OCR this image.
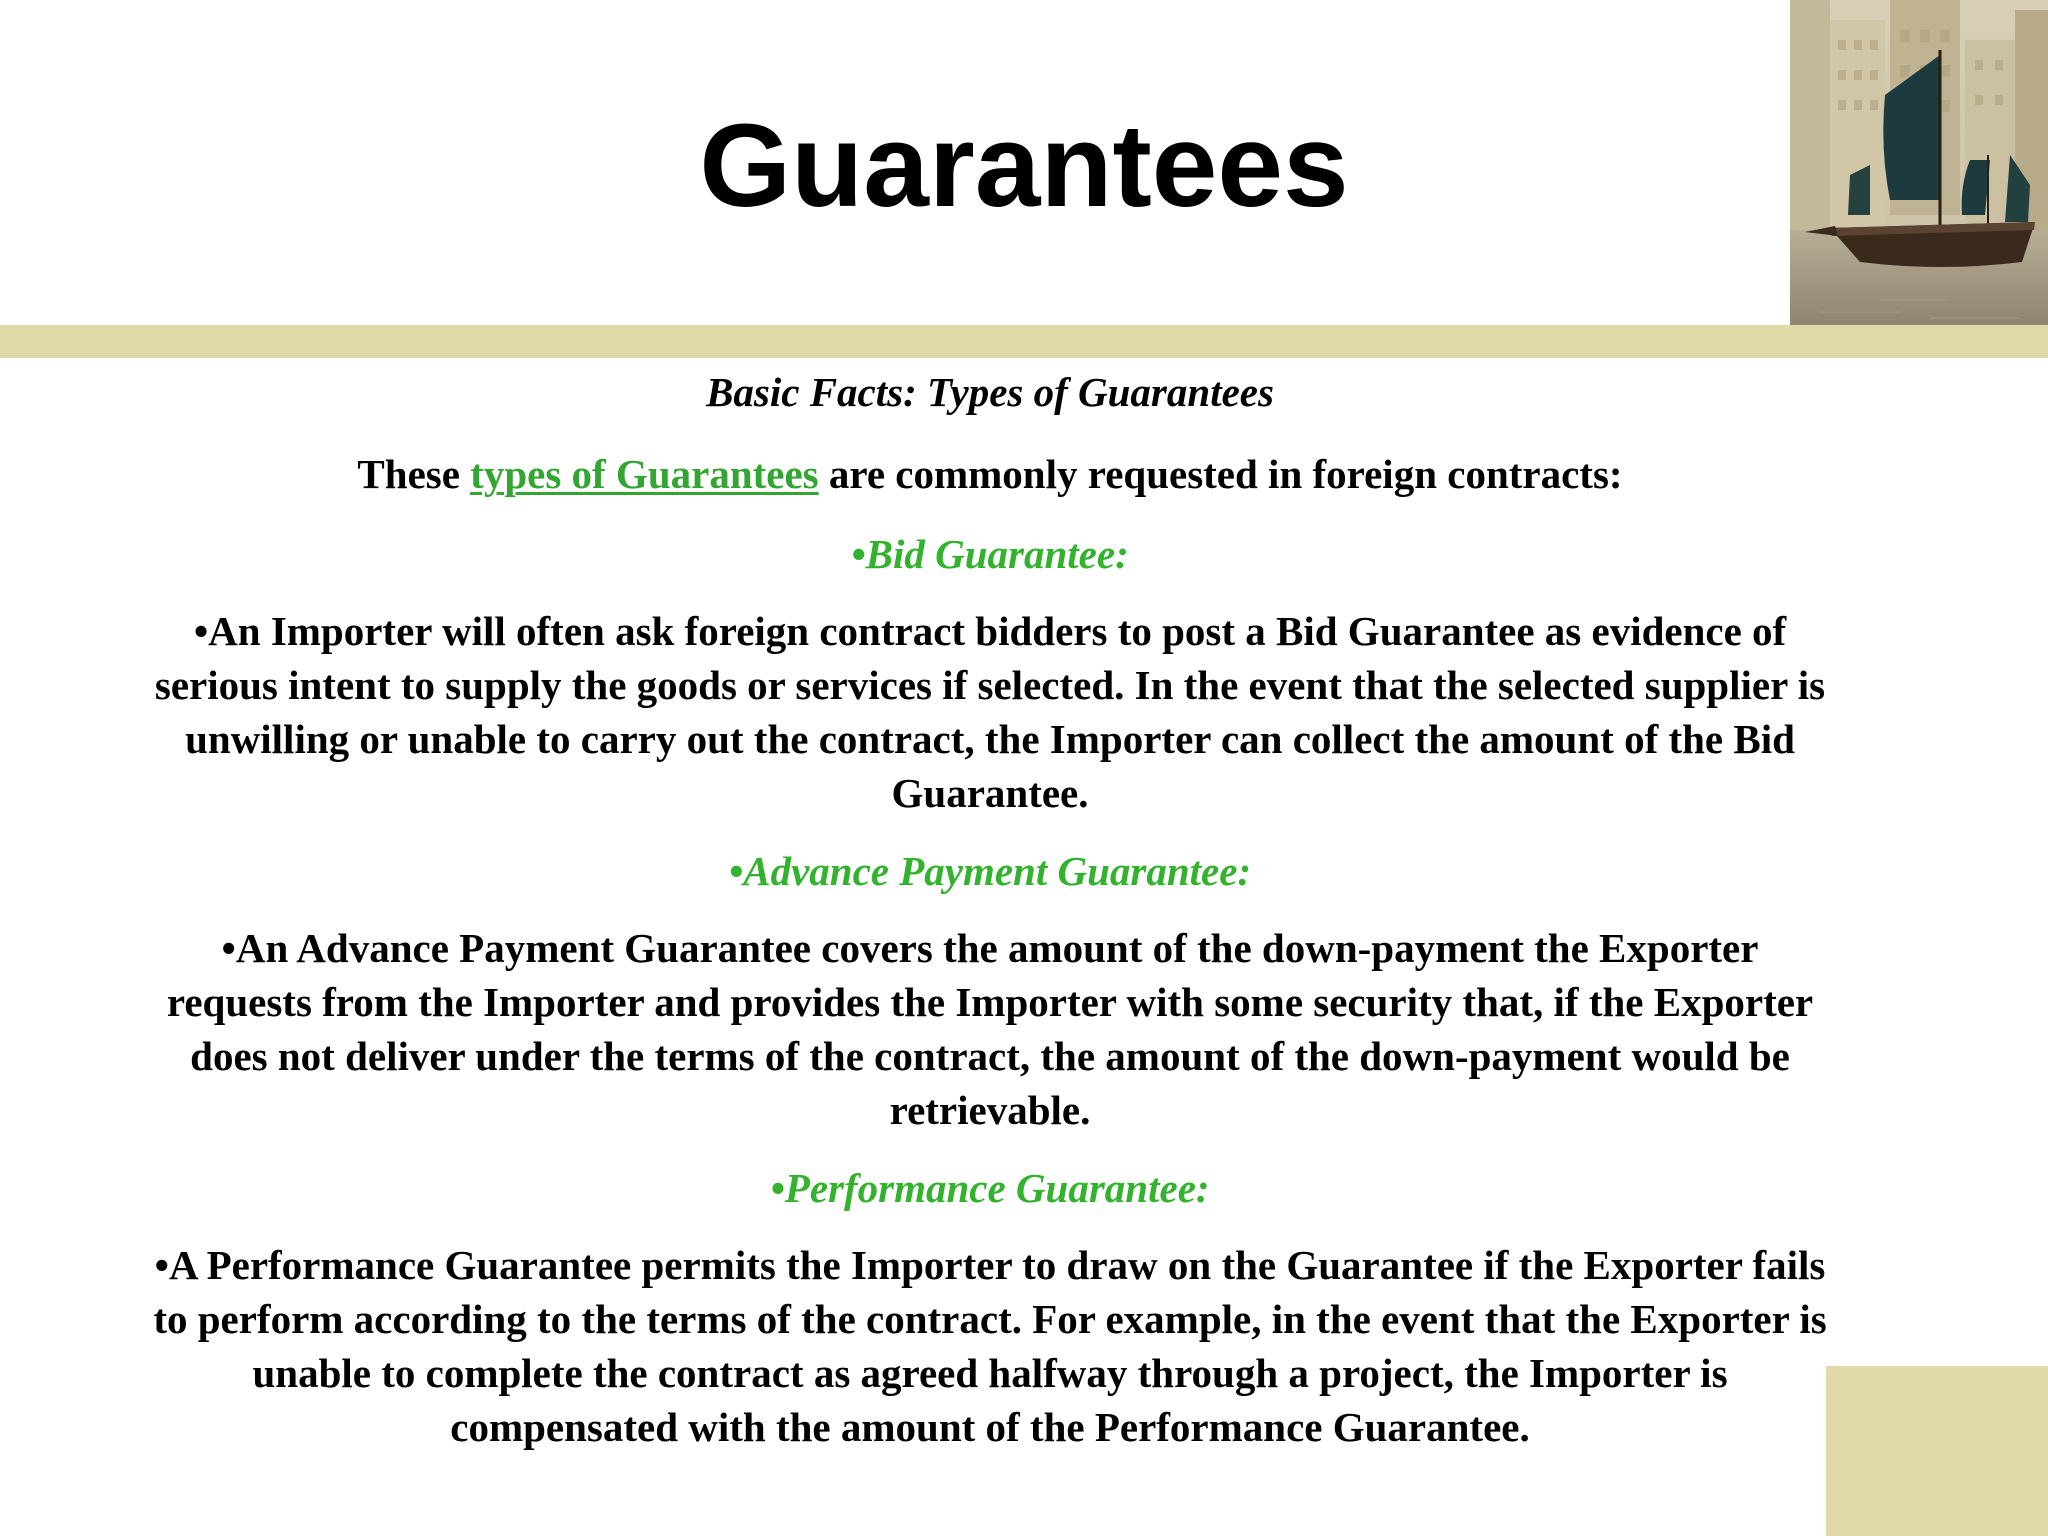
Guarantees

Basic Facts: Types of Guarantees

These types of Guarantees are commonly requested in foreign contracts:

•Bid Guarantee:

•An Importer will often ask foreign contract bidders to post a Bid Guarantee as evidence of serious intent to supply the goods or services if selected. In the event that the selected supplier is unwilling or unable to carry out the contract, the Importer can collect the amount of the Bid Guarantee.

•Advance Payment Guarantee:

•An Advance Payment Guarantee covers the amount of the down-payment the Exporter requests from the Importer and provides the Importer with some security that, if the Exporter does not deliver under the terms of the contract, the amount of the down-payment would be retrievable.

•Performance Guarantee:

•A Performance Guarantee permits the Importer to draw on the Guarantee if the Exporter fails to perform according to the terms of the contract. For example, in the event that the Exporter is unable to complete the contract as agreed halfway through a project, the Importer is compensated with the amount of the Performance Guarantee.
